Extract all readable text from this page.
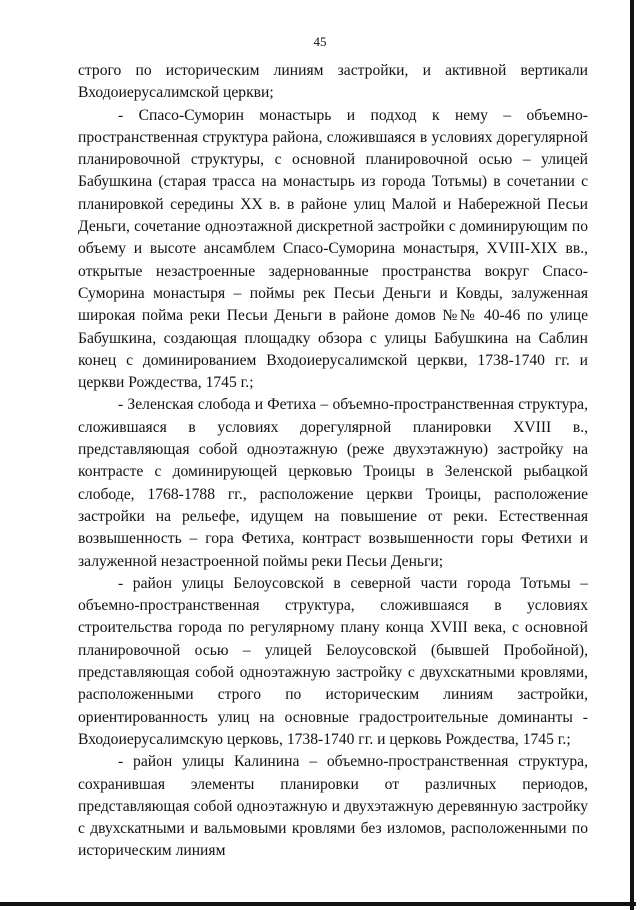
45

строго по историческим линиям застройки, и активной вертикали Входоиерусалимской церкви;

- Спасо-Суморин монастырь и подход к нему – объемно-пространственная структура района, сложившаяся в условиях дорегулярной планировочной структуры, с основной планировочной осью – улицей Бабушкина (старая трасса на монастырь из города Тотьмы) в сочетании с планировкой середины XX в. в районе улиц Малой и Набережной Песьи Деньги, сочетание одноэтажной дискретной застройки с доминирующим по объему и высоте ансамблем Спасо-Суморина монастыря, XVIII-XIX вв., открытые незастроенные задернованные пространства вокруг Спасо-Суморина монастыря – поймы рек Песьи Деньги и Ковды, залуженная широкая пойма реки Песьи Деньги в районе домов №№ 40-46 по улице Бабушкина, создающая площадку обзора с улицы Бабушкина на Саблин конец с доминированием Входоиерусалимской церкви, 1738-1740 гг. и церкви Рождества, 1745 г.;

- Зеленская слобода и Фетиха – объемно-пространственная структура, сложившаяся в условиях дорегулярной планировки XVIII в., представляющая собой одноэтажную (реже двухэтажную) застройку на контрасте с доминирующей церковью Троицы в Зеленской рыбацкой слободе, 1768-1788 гг., расположение церкви Троицы, расположение застройки на рельефе, идущем на повышение от реки. Естественная возвышенность – гора Фетиха, контраст возвышенности горы Фетихи и залуженной незастроенной поймы реки Песьи Деньги;

- район улицы Белоусовской в северной части города Тотьмы – объемно-пространственная структура, сложившаяся в условиях строительства города по регулярному плану конца XVIII века, с основной планировочной осью – улицей Белоусовской (бывшей Пробойной), представляющая собой одноэтажную застройку с двухскатными кровлями, расположенными строго по историческим линиям застройки, ориентированность улиц на основные градостроительные доминанты - Входоиерусалимскую церковь, 1738-1740 гг. и церковь Рождества, 1745 г.;

- район улицы Калинина – объемно-пространственная структура, сохранившая элементы планировки от различных периодов, представляющая собой одноэтажную и двухэтажную деревянную застройку с двухскатными и вальмовыми кровлями без изломов, расположенными по историческим линиям
